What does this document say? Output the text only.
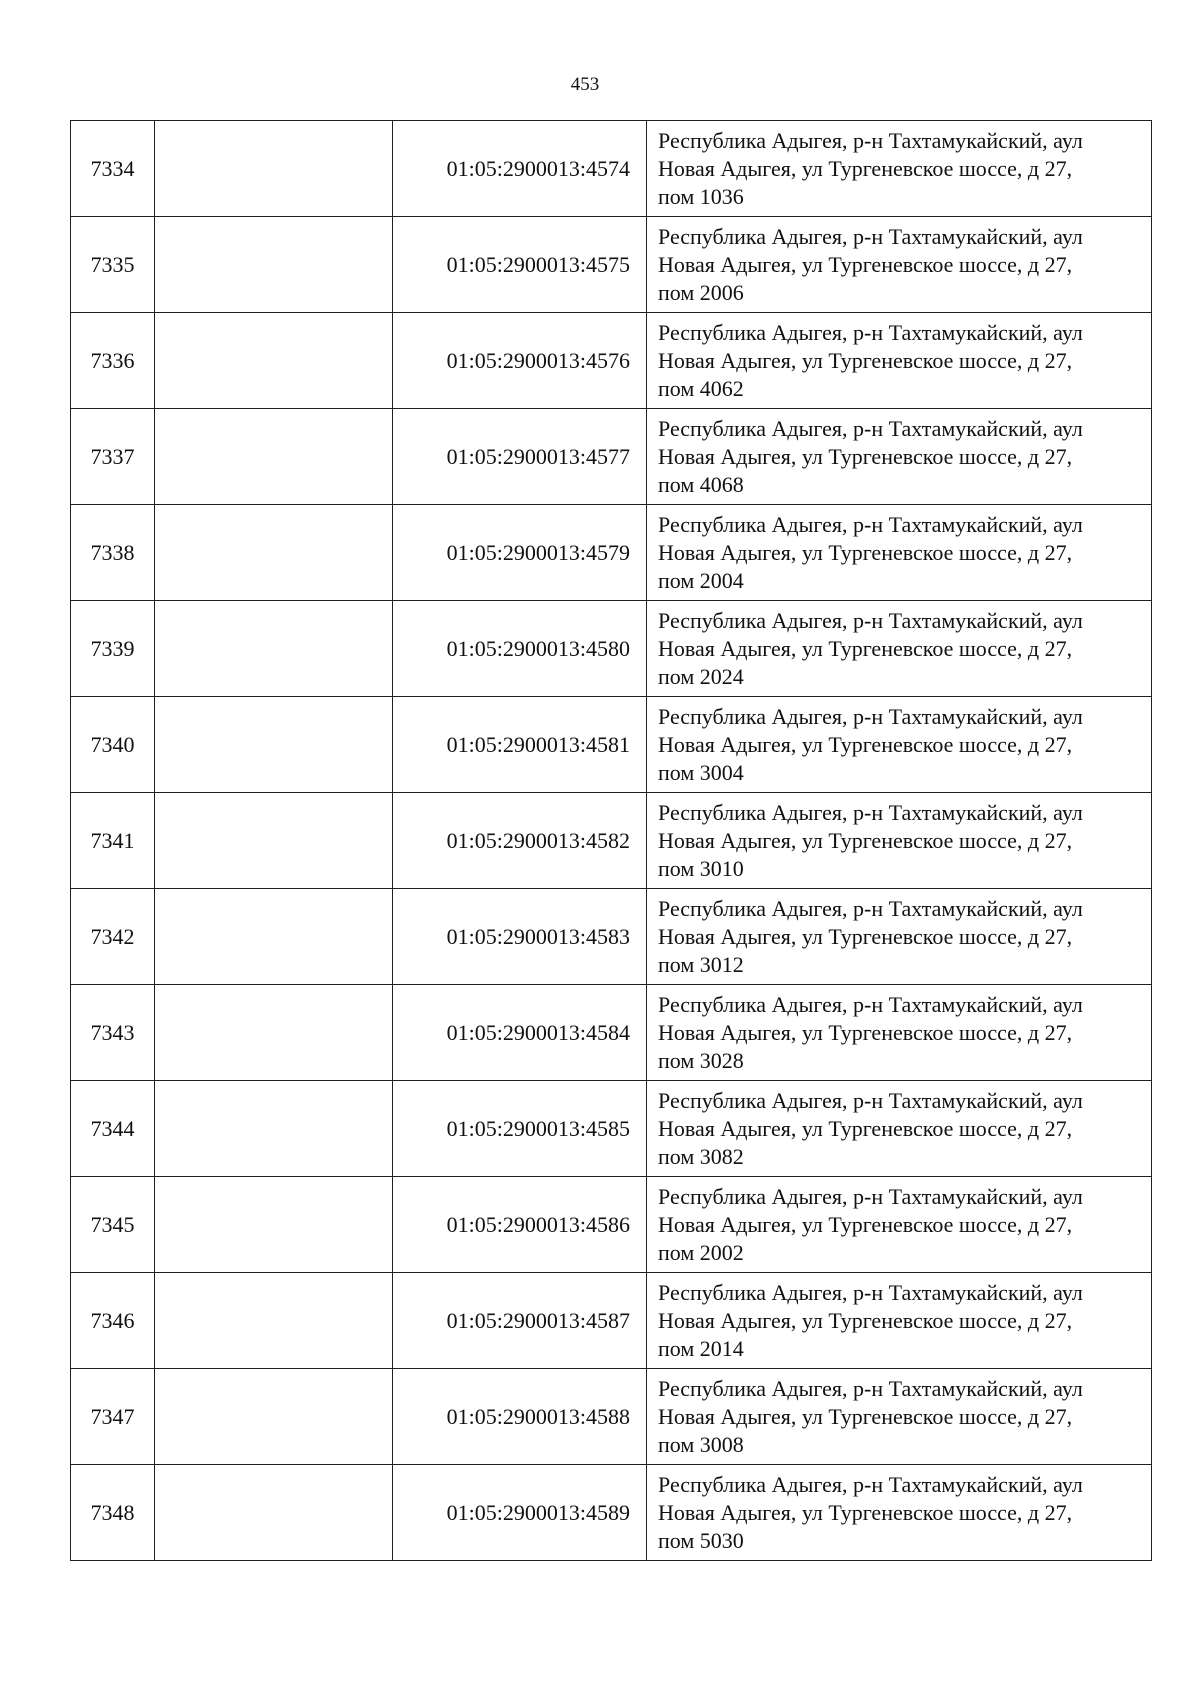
453
7334		01:05:2900013:4574	Республика Адыгея, р-н Тахтамукайский, аул
Новая Адыгея, ул Тургеневское шоссе, д 27,
пом 1036

7335		01:05:2900013:4575	Республика Адыгея, р-н Тахтамукайский, аул
Новая Адыгея, ул Тургеневское шоссе, д 27,
пом 2006

7336		01:05:2900013:4576	Республика Адыгея, р-н Тахтамукайский, аул
Новая Адыгея, ул Тургеневское шоссе, д 27,
пом 4062

7337		01:05:2900013:4577	Республика Адыгея, р-н Тахтамукайский, аул
Новая Адыгея, ул Тургеневское шоссе, д 27,
пом 4068

7338		01:05:2900013:4579	Республика Адыгея, р-н Тахтамукайский, аул
Новая Адыгея, ул Тургеневское шоссе, д 27,
пом 2004

7339		01:05:2900013:4580	Республика Адыгея, р-н Тахтамукайский, аул
Новая Адыгея, ул Тургеневское шоссе, д 27,
пом 2024

7340		01:05:2900013:4581	Республика Адыгея, р-н Тахтамукайский, аул
Новая Адыгея, ул Тургеневское шоссе, д 27,
пом 3004

7341		01:05:2900013:4582	Республика Адыгея, р-н Тахтамукайский, аул
Новая Адыгея, ул Тургеневское шоссе, д 27,
пом 3010

7342		01:05:2900013:4583	Республика Адыгея, р-н Тахтамукайский, аул
Новая Адыгея, ул Тургеневское шоссе, д 27,
пом 3012

7343		01:05:2900013:4584	Республика Адыгея, р-н Тахтамукайский, аул
Новая Адыгея, ул Тургеневское шоссе, д 27,
пом 3028

7344		01:05:2900013:4585	Республика Адыгея, р-н Тахтамукайский, аул
Новая Адыгея, ул Тургеневское шоссе, д 27,
пом 3082

7345		01:05:2900013:4586	Республика Адыгея, р-н Тахтамукайский, аул
Новая Адыгея, ул Тургеневское шоссе, д 27,
пом 2002

7346		01:05:2900013:4587	Республика Адыгея, р-н Тахтамукайский, аул
Новая Адыгея, ул Тургеневское шоссе, д 27,
пом 2014

7347		01:05:2900013:4588	Республика Адыгея, р-н Тахтамукайский, аул
Новая Адыгея, ул Тургеневское шоссе, д 27,
пом 3008

7348		01:05:2900013:4589	Республика Адыгея, р-н Тахтамукайский, аул
Новая Адыгея, ул Тургеневское шоссе, д 27,
пом 5030
